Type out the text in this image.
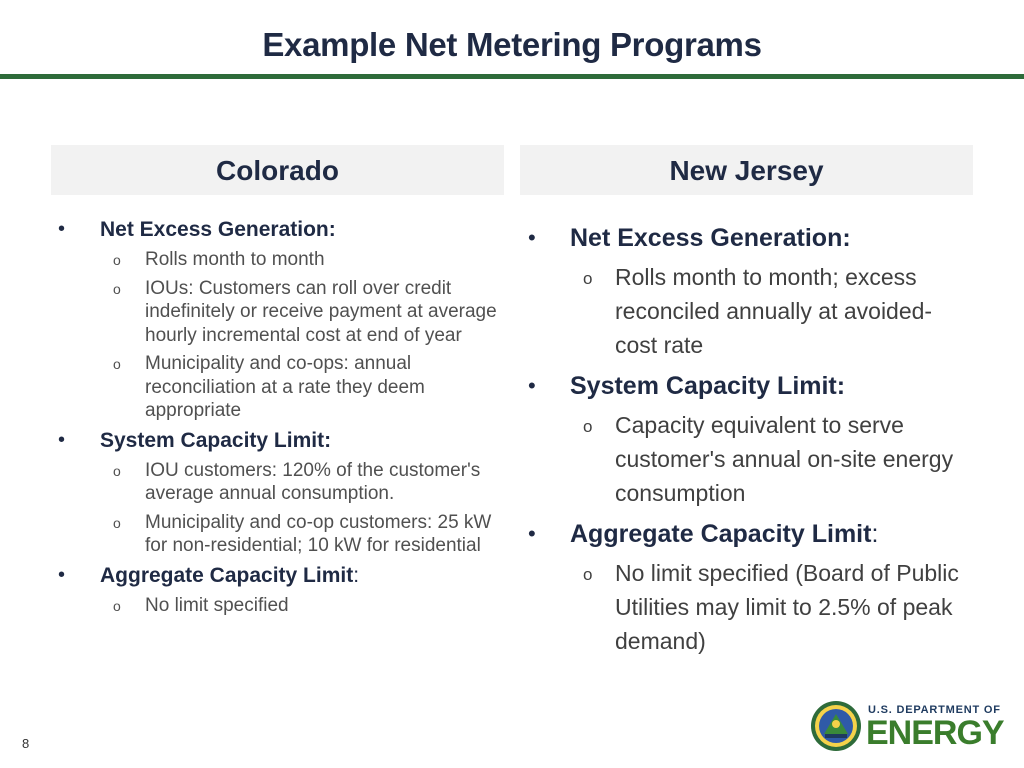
Example Net Metering Programs
Colorado	New Jersey
• Net Excess Generation:
o Rolls month to month
o IOUs: Customers can roll over credit indefinitely or receive payment at average hourly incremental cost at end of year
o Municipality and co-ops: annual reconciliation at a rate they deem appropriate
• System Capacity Limit:
o IOU customers: 120% of the customer's average annual consumption.
o Municipality and co-op customers: 25 kW for non-residential; 10 kW for residential
• Aggregate Capacity Limit:
o No limit specified
• Net Excess Generation:
o Rolls month to month; excess reconciled annually at avoided-cost rate
• System Capacity Limit:
o Capacity equivalent to serve customer's annual on-site energy consumption
• Aggregate Capacity Limit:
o No limit specified (Board of Public Utilities may limit to 2.5% of peak demand)
8
U.S. DEPARTMENT OF
ENERGY
